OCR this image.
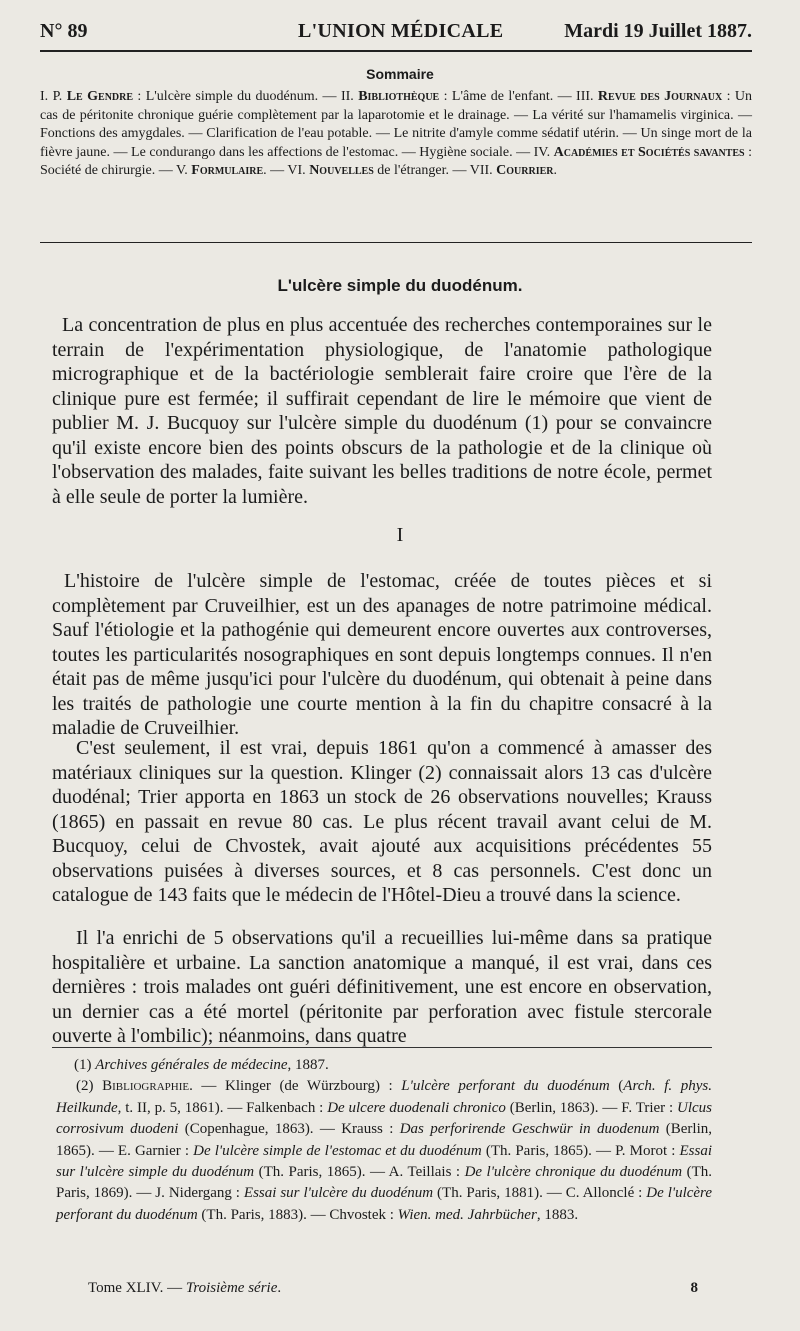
N° 89	L'UNION MÉDICALE	Mardi 19 Juillet 1887.
Sommaire
I. P. Le Gendre : L'ulcère simple du duodénum. — II. Bibliothèque : L'âme de l'enfant. — III. Revue des Journaux : Un cas de péritonite chronique guérie complètement par la laparotomie et le drainage. — La vérité sur l'hamamelis virginica. — Fonctions des amygdales. — Clarification de l'eau potable. — Le nitrite d'amyle comme sédatif utérin. — Un singe mort de la fièvre jaune. — Le condurango dans les affections de l'estomac. — Hygiène sociale. — IV. Académies et Sociétés savantes : Société de chirurgie. — V. Formulaire. — VI. Nouvelles de l'étranger. — VII. Courrier.
L'ulcère simple du duodénum.
La concentration de plus en plus accentuée des recherches contemporaines sur le terrain de l'expérimentation physiologique, de l'anatomie pathologique micrographique et de la bactériologie semblerait faire croire que l'ère de la clinique pure est fermée; il suffirait cependant de lire le mémoire que vient de publier M. J. Bucquoy sur l'ulcère simple du duodénum (1) pour se convaincre qu'il existe encore bien des points obscurs de la pathologie et de la clinique où l'observation des malades, faite suivant les belles traditions de notre école, permet à elle seule de porter la lumière.
I
L'histoire de l'ulcère simple de l'estomac, créée de toutes pièces et si complètement par Cruveilhier, est un des apanages de notre patrimoine médical. Sauf l'étiologie et la pathogénie qui demeurent encore ouvertes aux controverses, toutes les particularités nosographiques en sont depuis longtemps connues. Il n'en était pas de même jusqu'ici pour l'ulcère du duodénum, qui obtenait à peine dans les traités de pathologie une courte mention à la fin du chapitre consacré à la maladie de Cruveilhier.
C'est seulement, il est vrai, depuis 1861 qu'on a commencé à amasser des matériaux cliniques sur la question. Klinger (2) connaissait alors 13 cas d'ulcère duodénal; Trier apporta en 1863 un stock de 26 observations nouvelles; Krauss (1865) en passait en revue 80 cas. Le plus récent travail avant celui de M. Bucquoy, celui de Chvostek, avait ajouté aux acquisitions précédentes 55 observations puisées à diverses sources, et 8 cas personnels. C'est donc un catalogue de 143 faits que le médecin de l'Hôtel-Dieu a trouvé dans la science.
Il l'a enrichi de 5 observations qu'il a recueillies lui-même dans sa pratique hospitalière et urbaine. La sanction anatomique a manqué, il est vrai, dans ces dernières : trois malades ont guéri définitivement, une est encore en observation, un dernier cas a été mortel (péritonite par perforation avec fistule stercorale ouverte à l'ombilic); néanmoins, dans quatre

(1) Archives générales de médecine, 1887.

(2) Bibliographie. — Klinger (de Würzbourg) : L'ulcère perforant du duodénum (Arch. f. phys. Heilkunde, t. II, p. 5, 1861). — Falkenbach : De ulcere duodenali chronico (Berlin, 1863). — F. Trier : Ulcus corrosivum duodeni (Copenhague, 1863). — Krauss : Das perforirende Geschwür in duodenum (Berlin, 1865). — E. Garnier : De l'ulcère simple de l'estomac et du duodénum (Th. Paris, 1865). — P. Morot : Essai sur l'ulcère simple du duodénum (Th. Paris, 1865). — A. Teillais : De l'ulcère chronique du duodénum (Th. Paris, 1869). — J. Nidergang : Essai sur l'ulcère du duodénum (Th. Paris, 1881). — C. Allonclé : De l'ulcère perforant du duodénum (Th. Paris, 1883). — Chvostek : Wien. med. Jahrbücher, 1883.

Tome XLIV. — Troisième série.	8
